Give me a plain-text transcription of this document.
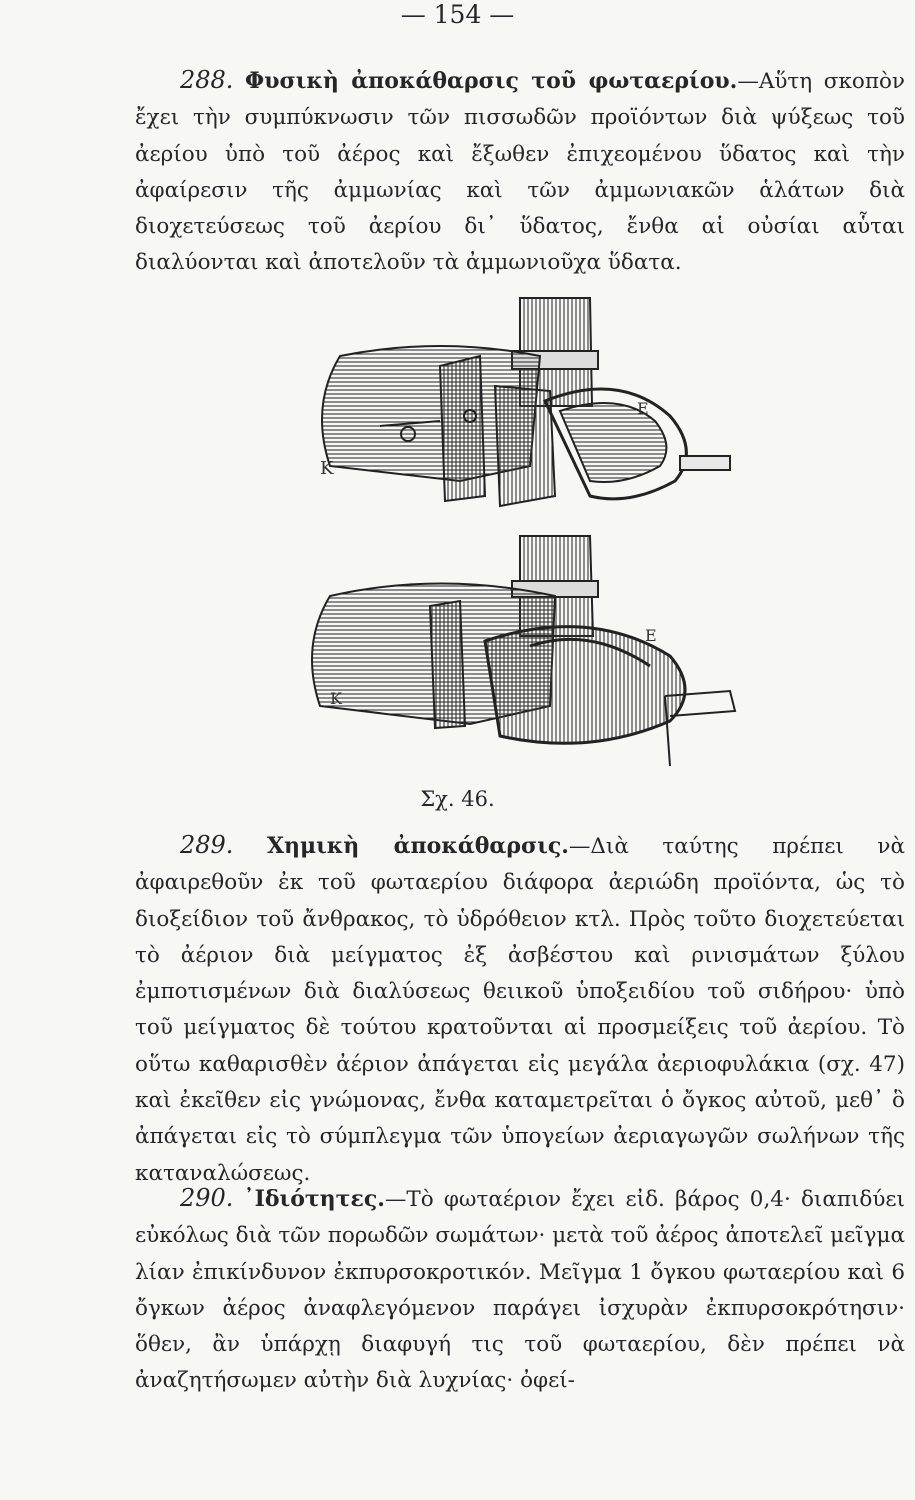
— 154 —

288. Φυσικὴ ἀποκάθαρσις τοῦ φωταερίου.—Αὕτη σκοπὸν ἔχει τὴν συμπύκνωσιν τῶν πισσωδῶν προϊόντων διὰ ψύξεως τοῦ ἀερίου ὑπὸ τοῦ ἀέρος καὶ ἔξωθεν ἐπιχεομένου ὕδατος καὶ τὴν ἀφαίρεσιν τῆς ἀμμωνίας καὶ τῶν ἀμμωνιακῶν ἁλάτων διὰ διοχετεύσεως τοῦ ἀερίου δι᾽ ὕδατος, ἔνθα αἱ οὐσίαι αὗται διαλύονται καὶ ἀποτελοῦν τὰ ἀμμωνιοῦχα ὕδατα.

K
E
K
E
Σχ. 46.

289. Χημικὴ ἀποκάθαρσις.—Διὰ ταύτης πρέπει νὰ ἀφαιρεθοῦν ἐκ τοῦ φωταερίου διάφορα ἀεριώδη προϊόντα, ὡς τὸ διοξείδιον τοῦ ἄνθρακος, τὸ ὑδρόθειον κτλ. Πρὸς τοῦτο διοχετεύεται τὸ ἀέριον διὰ μείγματος ἐξ ἀσβέστου καὶ ρινισμάτων ξύλου ἐμποτισμένων διὰ διαλύσεως θειικοῦ ὑποξειδίου τοῦ σιδήρου· ὑπὸ τοῦ μείγματος δὲ τούτου κρατοῦνται αἱ προσμείξεις τοῦ ἀερίου. Τὸ οὕτω καθαρισθὲν ἀέριον ἀπάγεται εἰς μεγάλα ἀεριοφυλάκια (σχ. 47) καὶ ἐκεῖθεν εἰς γνώμονας, ἔνθα καταμετρεῖται ὁ ὄγκος αὐτοῦ, μεθ᾽ ὃ ἀπάγεται εἰς τὸ σύμπλεγμα τῶν ὑπογείων ἀεριαγωγῶν σωλήνων τῆς καταναλώσεως.

290. ᾽Ιδιότητες.—Τὸ φωταέριον ἔχει εἰδ. βάρος 0,4· διαπιδύει εὐκόλως διὰ τῶν πορωδῶν σωμάτων· μετὰ τοῦ ἀέρος ἀποτελεῖ μεῖγμα λίαν ἐπικίνδυνον ἐκπυρσοκροτικόν. Μεῖγμα 1 ὄγκου φωταερίου καὶ 6 ὄγκων ἀέρος ἀναφλεγόμενον παράγει ἰσχυρὰν ἐκπυρσοκρότησιν· ὅθεν, ἂν ὑπάρχῃ διαφυγή τις τοῦ φωταερίου, δὲν πρέπει νὰ ἀναζητήσωμεν αὐτὴν διὰ λυχνίας· ὀφεί-
